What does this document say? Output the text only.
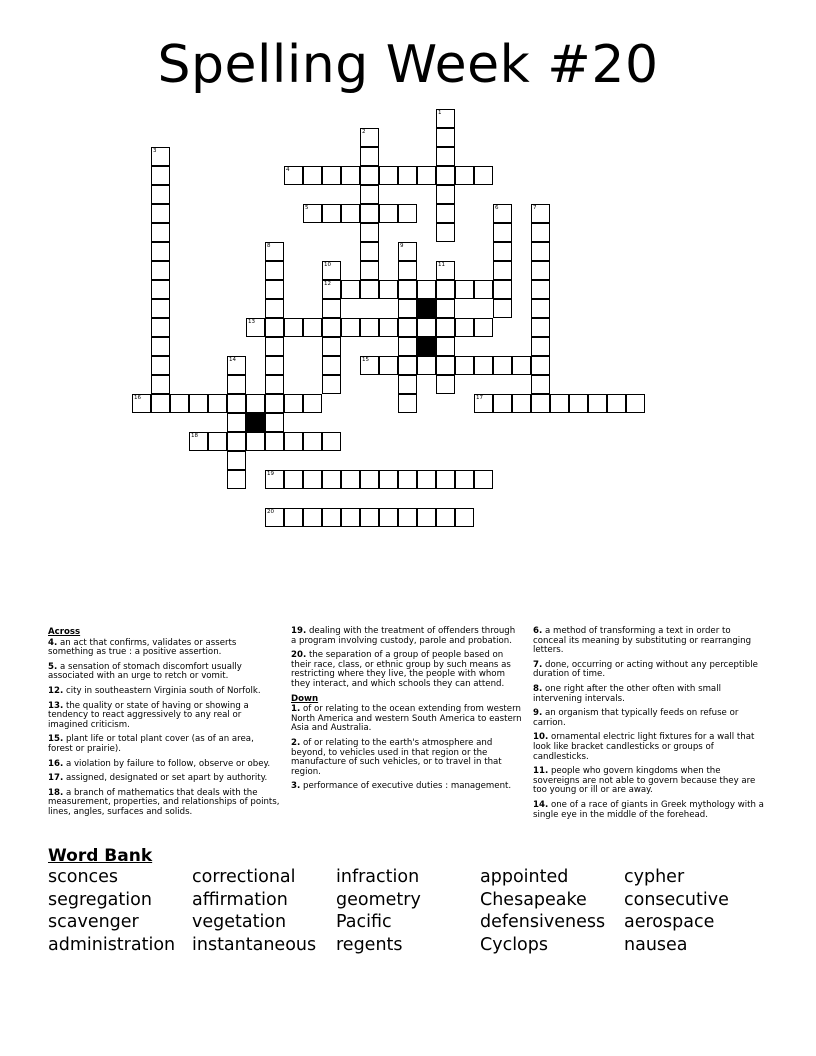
Spelling Week #20
1
2
3
4
5	6	7
8	9
10
12
11
13
14	15
16	17
18
19
20
Across
4. an act that confirms, validates or asserts something as true : a positive assertion.
5. a sensation of stomach discomfort usually associated with an urge to retch or vomit.
12. city in southeastern Virginia south of Norfolk.
13. the quality or state of having or showing a tendency to react aggressively to any real or imagined criticism.
15. plant life or total plant cover (as of an area, forest or prairie).
16. a violation by failure to follow, observe or obey.
17. assigned, designated or set apart by authority.
18. a branch of mathematics that deals with the measurement, properties, and relationships of points, lines, angles, surfaces and solids.
19. dealing with the treatment of offenders through a program involving custody, parole and probation.
20. the separation of a group of people based on their race, class, or ethnic group by such means as restricting where they live, the people with whom they interact, and which schools they can attend.
Down
1. of or relating to the ocean extending from western North America and western South America to eastern Asia and Australia.
2. of or relating to the earth's atmosphere and beyond, to vehicles used in that region or the manufacture of such vehicles, or to travel in that region.
3. performance of executive duties : management.
6. a method of transforming a text in order to conceal its meaning by substituting or rearranging letters.
7. done, occurring or acting without any perceptible duration of time.
8. one right after the other often with small intervening intervals.
9. an organism that typically feeds on refuse or carrion.
10. ornamental electric light fixtures for a wall that look like bracket candlesticks or groups of candlesticks.
11. people who govern kingdoms when the sovereigns are not able to govern because they are too young or ill or are away.
14. one of a race of giants in Greek mythology with a single eye in the middle of the forehead.
Word Bank
sconces	correctional	infraction	appointed	cypher
segregation	affirmation	geometry	Chesapeake	consecutive
scavenger	vegetation	Pacific	defensiveness	aerospace
administration instantaneous	regents	Cyclops	nausea
